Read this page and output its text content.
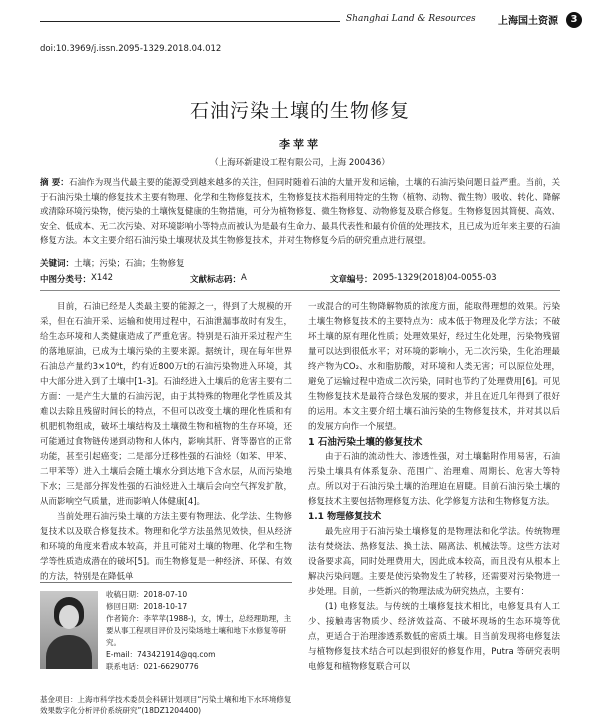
Shanghai Land & Resources 上海国土资源	3
doi:10.3969/j.issn.2095-1329.2018.04.012
石油污染土壤的生物修复
李苹苹
（上海环新建设工程有限公司，上海 200436）
摘 要：石油作为现当代最主要的能源受到越来越多的关注，但同时随着石油的大量开发和运输，土壤的石油污染问题日益严重。当前，关于石油污染土壤的修复技术主要有物理、化学和生物修复技术，生物修复技术指利用特定的生物（植物、动物、微生物）吸收、转化、降解或清除环境污染物，使污染的土壤恢复健康的生物措施，可分为植物修复、微生物修复、动物修复及联合修复。生物修复因其简便、高效、安全、低成本、无二次污染、对环境影响小等特点而被认为是最有生命力、最具代表性和最有价值的处理技术，且已成为近年来主要的石油修复方法。本文主要介绍石油污染土壤现状及其生物修复技术，并对生物修复今后的研究重点进行展望。
关键词：土壤；污染；石油；生物修复
中图分类号： X142	文献标志码： A	文章编号： 2095-1329(2018)04-0055-03

目前，石油已经是人类最主要的能源之一，得到了大规模的开采，但在石油开采、运输和使用过程中，石油泄漏事故时有发生，给生态环境和人类健康造成了严重危害。特别是石油开采过程产生的落地原油，已成为土壤污染的主要来源。据统计，现在每年世界石油总产量约3×10⁹t，约有近800万t的石油污染物进入环境，其中大部分进入到了土壤中[1-3]。石油经进入土壤后的危害主要有二方面：一是产生大量的石油污泥，由于其特殊的物理化学性质及其难以去除且残留时间长的特点，不但可以改变土壤的理化性质和有机肥机物组成，破坏土壤结构及土壤微生物和植物的生存环境，还可能通过食物链传递到动物和人体内，影响其肝、肾等器官的正常功能，甚至引起癌变；二是部分迁移性强的石油烃（如苯、甲苯、二甲苯等）进入土壤后会随土壤水分到达地下含水层，从而污染地下水；三是部分挥发性强的石油烃进入土壤后会向空气挥发扩散，从而影响空气质量，进而影响人体健康[4]。

当前处理石油污染土壤的方法主要有物理法、化学法、生物修复技术以及联合修复技术。物理和化学方法虽然见效快，但从经济和环境的角度来看成本较高，并且可能对土壤的物理、化学和生物学等性质造成潜在的破坏[5]。而生物修复是一种经济、环保、有效的方法，特别是在降低单

收稿日期：2018-07-10
修回日期：2018-10-17
作者简介：李苹苹(1988-)，女，博士，总经理助理，主要从事工程项目评价及污染场地土壤和地下水修复等研究。
E-mail：743421914@qq.com
联系电话：021-66290776
基金项目：上海市科学技术委员会科研计划项目“污染土壤和地下水环境修复效果数字化分析评价系统研究”(18DZ1204400)

一或混合的可生物降解物质的浓度方面，能取得理想的效果。污染土壤生物修复技术的主要特点为：成本低于物理及化学方法；不破坏土壤的原有理化性质；处理效果好，经过生化处理，污染物残留量可以达到很低水平；对环境的影响小，无二次污染，生化治理最终产物为CO₂、水和脂肪酸，对环境和人类无害；可以原位处理，避免了运输过程中造成二次污染，同时也节约了处理费用[6]。可见生物修复技术是最符合绿色发展的要求，并且在近几年得到了很好的运用。本文主要介绍土壤石油污染的生物修复技术，并对其以后的发展方向作一个展望。

1 石油污染土壤的修复技术

由于石油的流动性大、渗透性强，对土壤黏附作用易害，石油污染土壤具有体系复杂、范围广、治理难、周期长、危害大等特点。所以对于石油污染土壤的治理迫在眉睫。目前石油污染土壤的修复技术主要包括物理修复方法、化学修复方法和生物修复方法。

1.1 物理修复技术

最先应用于石油污染土壤修复的是物理法和化学法。传统物理法有焚烧法、热修复法、换土法、隔离法、机械法等。这些方法对设备要求高，同时处理费用大，因此成本较高，而且没有从根本上解决污染问题。主要是使污染物发生了转移，还需要对污染物进一步处理。目前，一些新兴的物理法成为研究热点，主要有：

(1) 电修复法。与传统的土壤修复技术相比，电修复具有人工少、接触毒害物质少、经济效益高、不破坏现场的生态环境等优点，更适合于治理渗透系数低的密质土壤。目当前发现将电修复法与植物修复技术结合可以起到很好的修复作用，Putra 等研究表明电修复和植物修复联合可以
